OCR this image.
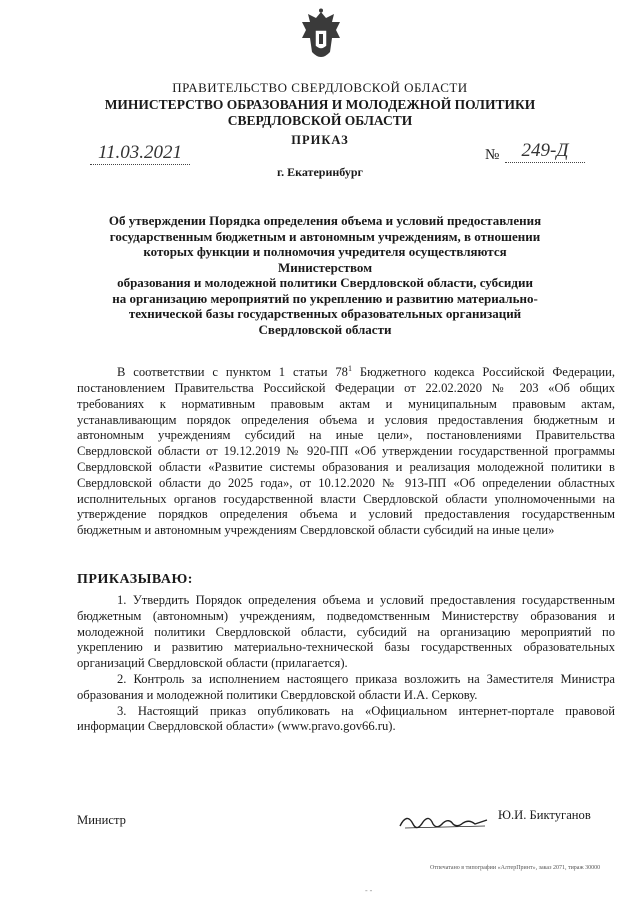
ПРАВИТЕЛЬСТВО СВЕРДЛОВСКОЙ ОБЛАСТИ
МИНИСТЕРСТВО ОБРАЗОВАНИЯ И МОЛОДЕЖНОЙ ПОЛИТИКИ
СВЕРДЛОВСКОЙ ОБЛАСТИ
ПРИКАЗ
11.03.2021	№	249-Д
г. Екатеринбург
Об утверждении Порядка определения объема и условий предоставления
государственным бюджетным и автономным учреждениям, в отношении
которых функции и полномочия учредителя осуществляются Министерством
образования и молодежной политики Свердловской области, субсидии
на организацию мероприятий по укреплению и развитию материально-
технической базы государственных образовательных организаций
Свердловской области
В соответствии с пунктом 1 статьи $78^1$ Бюджетного кодекса Российской Федерации, постановлением Правительства Российской Федерации от 22.02.2020 № 203 «Об общих требованиях к нормативным правовым актам и муниципальным правовым актам, устанавливающим порядок определения объема и условия предоставления бюджетным и автономным учреждениям субсидий на иные цели», постановлениями Правительства Свердловской области от 19.12.2019 № 920-ПП «Об утверждении государственной программы Свердловской области «Развитие системы образования и реализация молодежной политики в Свердловской области до 2025 года», от 10.12.2020 № 913-ПП «Об определении областных исполнительных органов государственной власти Свердловской области уполномоченными на утверждение порядков определения объема и условий предоставления государственным бюджетным и автономным учреждениям Свердловской области субсидий на иные цели»
ПРИКАЗЫВАЮ:

1. Утвердить Порядок определения объема и условий предоставления государственным бюджетным (автономным) учреждениям, подведомственным Министерству образования и молодежной политики Свердловской области, субсидий на организацию мероприятий по укреплению и развитию материально-технической базы государственных образовательных организаций Свердловской области (прилагается).

2. Контроль за исполнением настоящего приказа возложить на Заместителя Министра образования и молодежной политики Свердловской области И.А. Серкову.

3. Настоящий приказ опубликовать на «Официальном интернет-портале правовой информации Свердловской области» (www.pravo.gov66.ru).

Министр	Ю.И. Биктуганов
Отпечатано в типографии «АлтерПринт», заказ 2071, тираж 30000
- -
